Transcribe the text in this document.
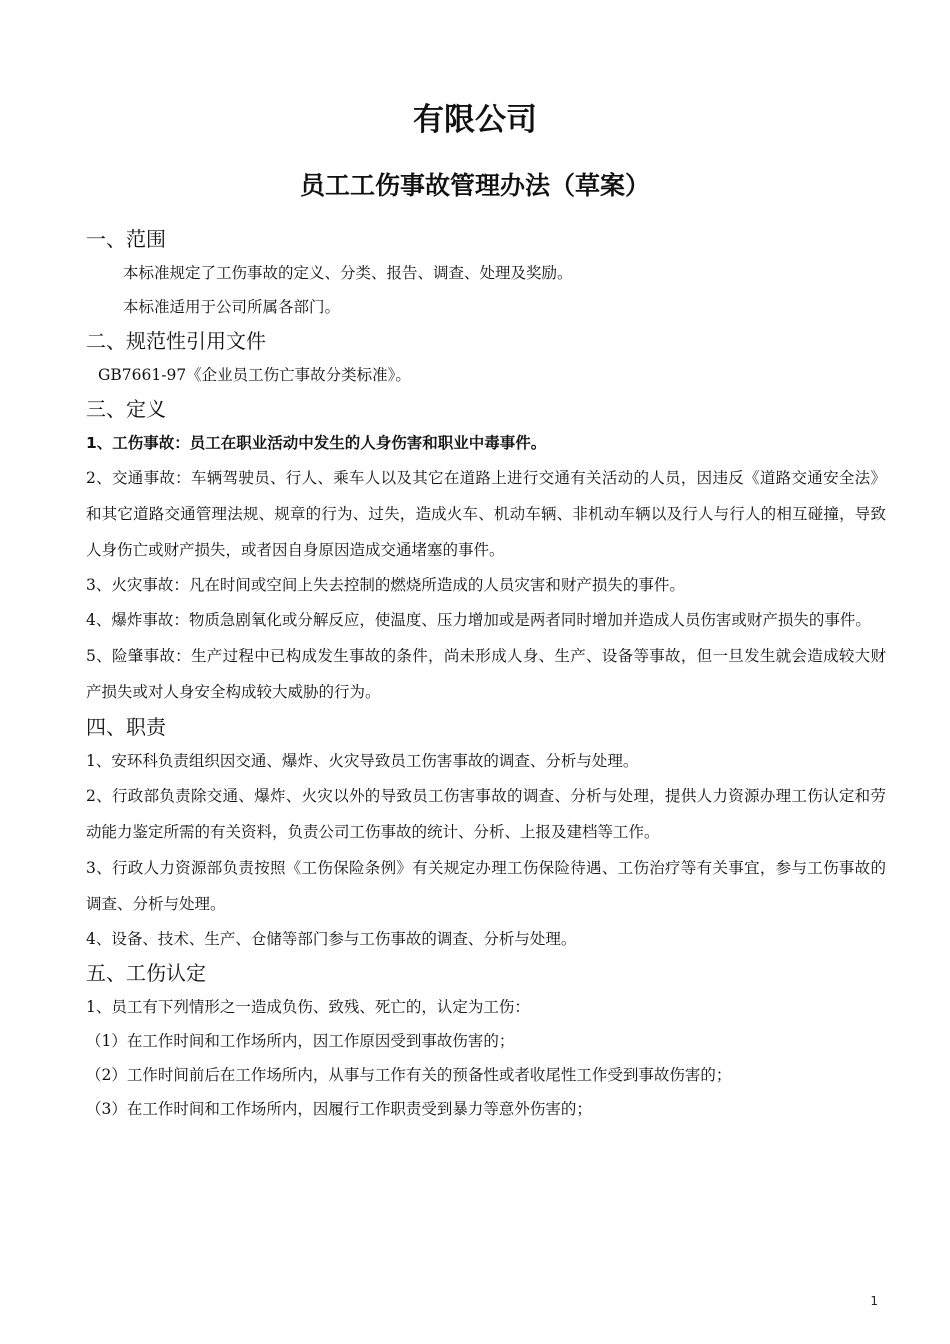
有限公司
员工工伤事故管理办法（草案）
一、范围

本标准规定了工伤事故的定义、分类、报告、调查、处理及奖励。

本标准适用于公司所属各部门。

二、规范性引用文件

GB7661-97《企业员工伤亡事故分类标准》。

三、定义

1、工伤事故：员工在职业活动中发生的人身伤害和职业中毒事件。

2、交通事故：车辆驾驶员、行人、乘车人以及其它在道路上进行交通有关活动的人员，因违反《道路交通安全法》和其它道路交通管理法规、规章的行为、过失，造成火车、机动车辆、非机动车辆以及行人与行人的相互碰撞，导致人身伤亡或财产损失，或者因自身原因造成交通堵塞的事件。

3、火灾事故：凡在时间或空间上失去控制的燃烧所造成的人员灾害和财产损失的事件。

4、爆炸事故：物质急剧氧化或分解反应，使温度、压力增加或是两者同时增加并造成人员伤害或财产损失的事件。

5、险肇事故：生产过程中已构成发生事故的条件，尚未形成人身、生产、设备等事故，但一旦发生就会造成较大财产损失或对人身安全构成较大威胁的行为。

四、职责

1、安环科负责组织因交通、爆炸、火灾导致员工伤害事故的调查、分析与处理。

2、行政部负责除交通、爆炸、火灾以外的导致员工伤害事故的调查、分析与处理，提供人力资源办理工伤认定和劳动能力鉴定所需的有关资料，负责公司工伤事故的统计、分析、上报及建档等工作。

3、行政人力资源部负责按照《工伤保险条例》有关规定办理工伤保险待遇、工伤治疗等有关事宜，参与工伤事故的调查、分析与处理。

4、设备、技术、生产、仓储等部门参与工伤事故的调查、分析与处理。

五、工伤认定

1、员工有下列情形之一造成负伤、致残、死亡的，认定为工伤：

（1）在工作时间和工作场所内，因工作原因受到事故伤害的；

（2）工作时间前后在工作场所内，从事与工作有关的预备性或者收尾性工作受到事故伤害的；

（3）在工作时间和工作场所内，因履行工作职责受到暴力等意外伤害的；

1
